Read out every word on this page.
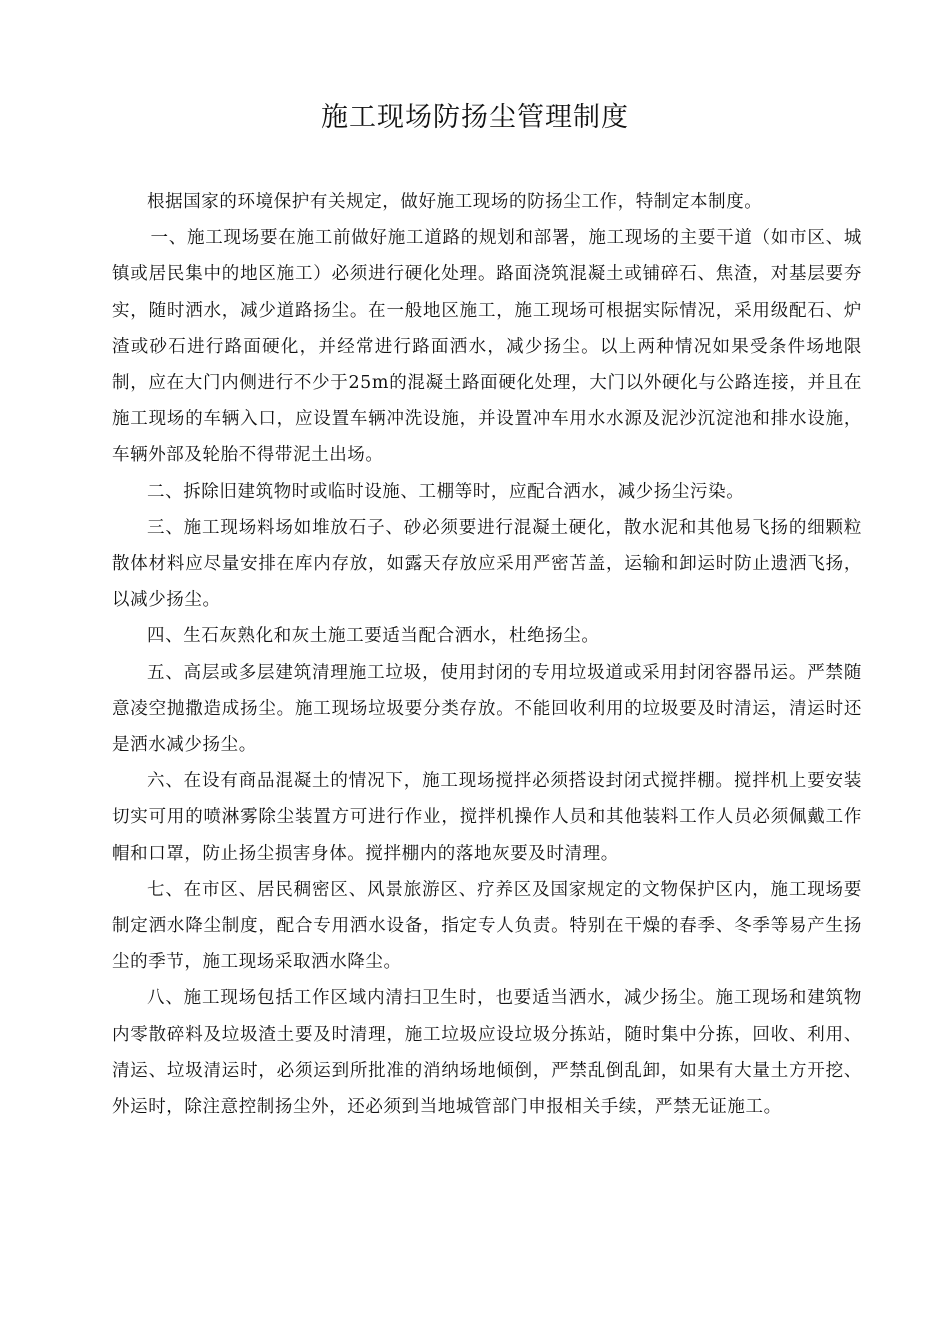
施工现场防扬尘管理制度

根据国家的环境保护有关规定，做好施工现场的防扬尘工作，特制定本制度。

一、施工现场要在施工前做好施工道路的规划和部署，施工现场的主要干道（如市区、城镇或居民集中的地区施工）必须进行硬化处理。路面浇筑混凝土或铺碎石、焦渣，对基层要夯实，随时洒水，减少道路扬尘。在一般地区施工，施工现场可根据实际情况，采用级配石、炉渣或砂石进行路面硬化，并经常进行路面洒水，减少扬尘。以上两种情况如果受条件场地限制，应在大门内侧进行不少于25m的混凝土路面硬化处理，大门以外硬化与公路连接，并且在施工现场的车辆入口，应设置车辆冲洗设施，并设置冲车用水水源及泥沙沉淀池和排水设施，车辆外部及轮胎不得带泥土出场。

二、拆除旧建筑物时或临时设施、工棚等时，应配合洒水，减少扬尘污染。

三、施工现场料场如堆放石子、砂必须要进行混凝土硬化，散水泥和其他易飞扬的细颗粒散体材料应尽量安排在库内存放，如露天存放应采用严密苫盖，运输和卸运时防止遗洒飞扬，以减少扬尘。

四、生石灰熟化和灰土施工要适当配合洒水，杜绝扬尘。

五、高层或多层建筑清理施工垃圾，使用封闭的专用垃圾道或采用封闭容器吊运。严禁随意凌空抛撒造成扬尘。施工现场垃圾要分类存放。不能回收利用的垃圾要及时清运，清运时还是洒水减少扬尘。

六、在设有商品混凝土的情况下，施工现场搅拌必须搭设封闭式搅拌棚。搅拌机上要安装切实可用的喷淋雾除尘装置方可进行作业，搅拌机操作人员和其他装料工作人员必须佩戴工作帽和口罩，防止扬尘损害身体。搅拌棚内的落地灰要及时清理。

七、在市区、居民稠密区、风景旅游区、疗养区及国家规定的文物保护区内，施工现场要制定洒水降尘制度，配合专用洒水设备，指定专人负责。特别在干燥的春季、冬季等易产生扬尘的季节，施工现场采取洒水降尘。

八、施工现场包括工作区域内清扫卫生时，也要适当洒水，减少扬尘。施工现场和建筑物内零散碎料及垃圾渣土要及时清理，施工垃圾应设垃圾分拣站，随时集中分拣，回收、利用、清运、垃圾清运时，必须运到所批准的消纳场地倾倒，严禁乱倒乱卸，如果有大量土方开挖、外运时，除注意控制扬尘外，还必须到当地城管部门申报相关手续，严禁无证施工。
